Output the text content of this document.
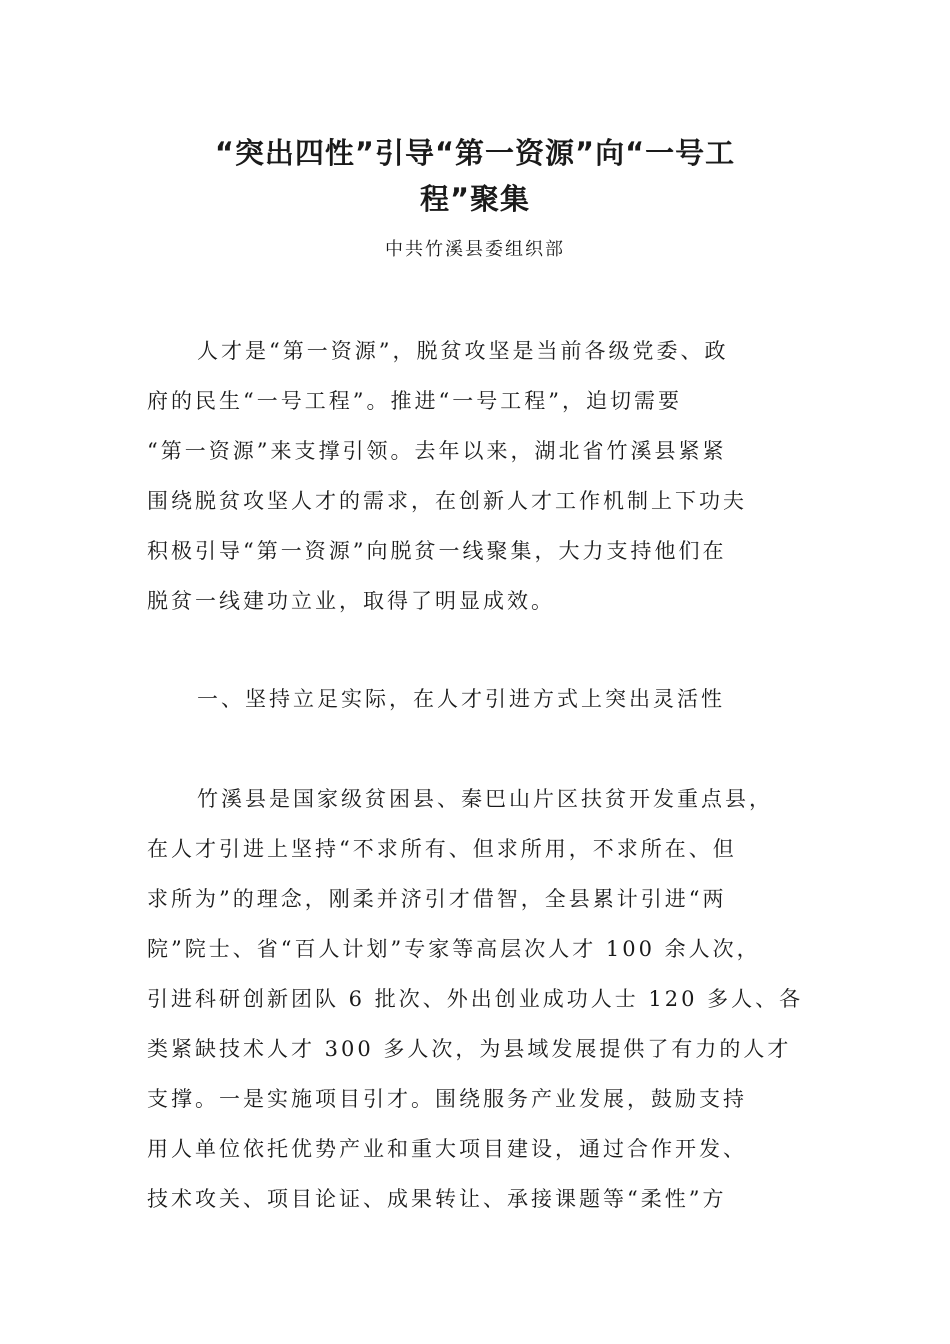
“突出四性”引导“第一资源”向“一号工
程”聚集
中共竹溪县委组织部
人才是“第一资源”，脱贫攻坚是当前各级党委、政
府的民生“一号工程”。推进“一号工程”，迫切需要
“第一资源”来支撑引领。去年以来，湖北省竹溪县紧紧
围绕脱贫攻坚人才的需求，在创新人才工作机制上下功夫
积极引导“第一资源”向脱贫一线聚集，大力支持他们在
脱贫一线建功立业，取得了明显成效。
一、坚持立足实际，在人才引进方式上突出灵活性
竹溪县是国家级贫困县、秦巴山片区扶贫开发重点县，
在人才引进上坚持“不求所有、但求所用，不求所在、但
求所为”的理念，刚柔并济引才借智，全县累计引进“两
院”院士、省“百人计划”专家等高层次人才 100 余人次，
引进科研创新团队 6 批次、外出创业成功人士 120 多人、各
类紧缺技术人才 300 多人次，为县域发展提供了有力的人才
支撑。一是实施项目引才。围绕服务产业发展，鼓励支持
用人单位依托优势产业和重大项目建设，通过合作开发、
技术攻关、项目论证、成果转让、承接课题等“柔性”方
